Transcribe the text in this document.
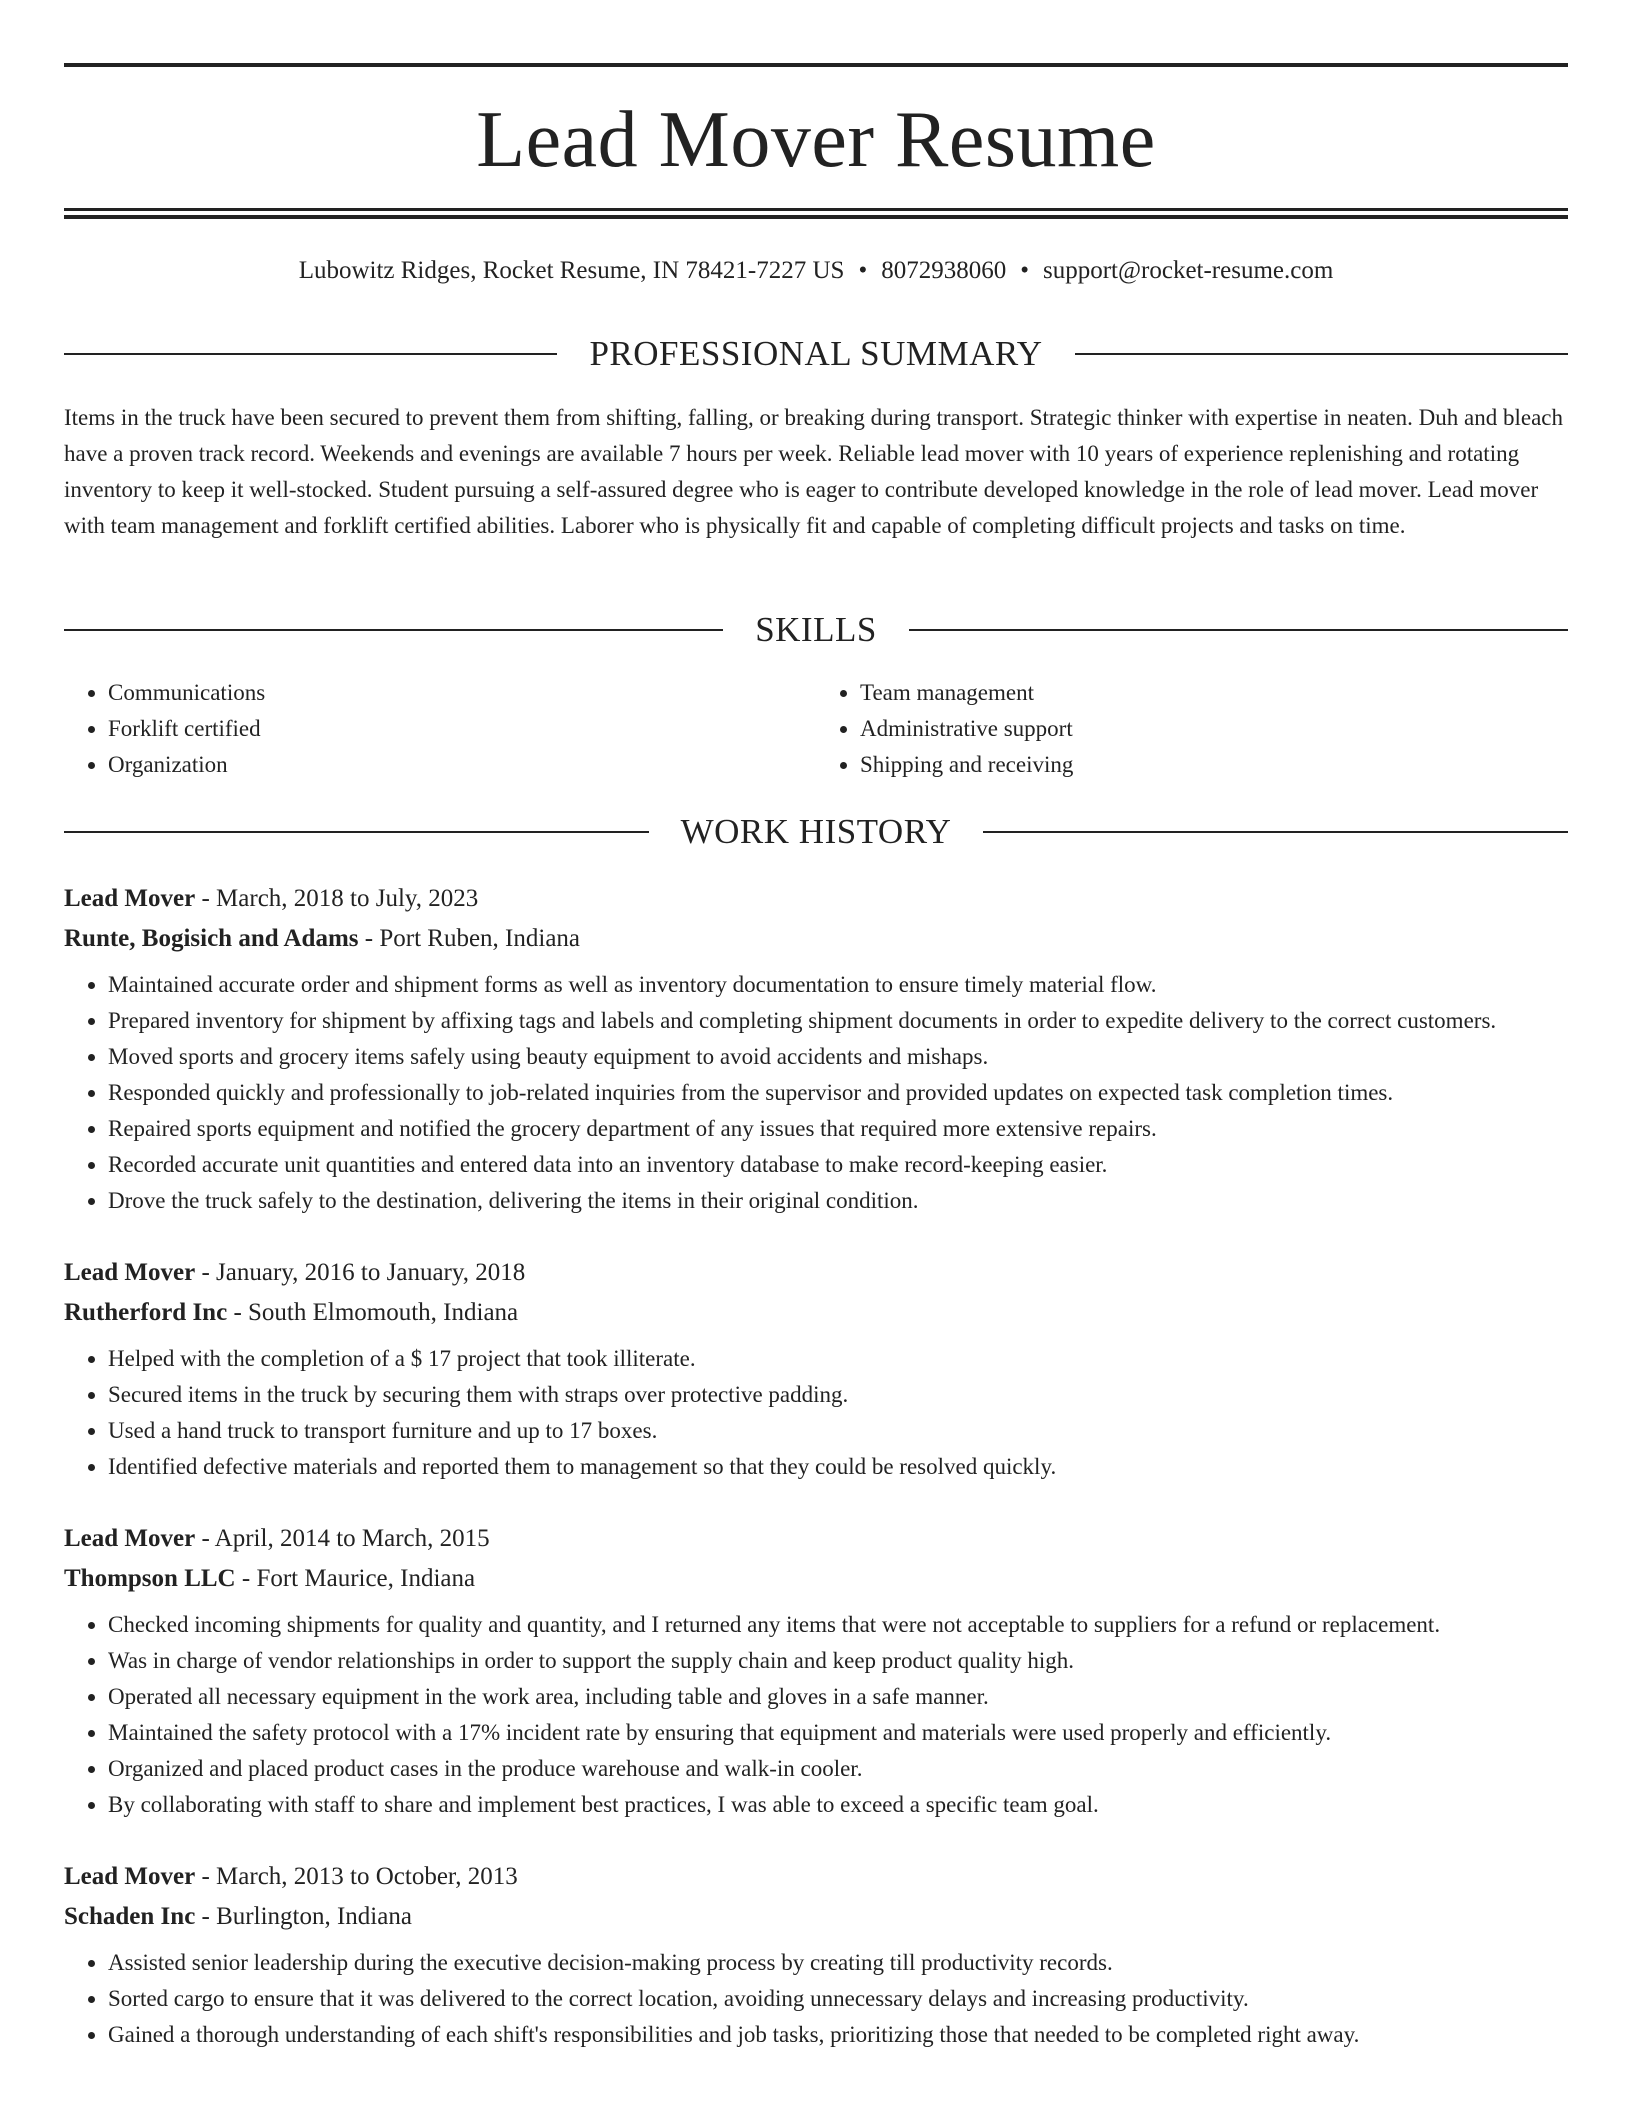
Lead Mover Resume
Lubowitz Ridges, Rocket Resume, IN 78421-7227 US • 8072938060 • support@rocket-resume.com
PROFESSIONAL SUMMARY

Items in the truck have been secured to prevent them from shifting, falling, or breaking during transport. Strategic thinker with expertise in neaten. Duh and bleach have a proven track record. Weekends and evenings are available 7 hours per week. Reliable lead mover with 10 years of experience replenishing and rotating inventory to keep it well-stocked. Student pursuing a self-assured degree who is eager to contribute developed knowledge in the role of lead mover. Lead mover with team management and forklift certified abilities. Laborer who is physically fit and capable of completing difficult projects and tasks on time.

SKILLS
• Communications
• Forklift certified
• Organization
• Team management
• Administrative support
• Shipping and receiving
WORK HISTORY
Lead Mover - March, 2018 to July, 2023
Runte, Bogisich and Adams - Port Ruben, Indiana
• Maintained accurate order and shipment forms as well as inventory documentation to ensure timely material flow.
• Prepared inventory for shipment by affixing tags and labels and completing shipment documents in order to expedite delivery to the correct customers.
• Moved sports and grocery items safely using beauty equipment to avoid accidents and mishaps.
• Responded quickly and professionally to job-related inquiries from the supervisor and provided updates on expected task completion times.
• Repaired sports equipment and notified the grocery department of any issues that required more extensive repairs.
• Recorded accurate unit quantities and entered data into an inventory database to make record-keeping easier.
• Drove the truck safely to the destination, delivering the items in their original condition.
Lead Mover - January, 2016 to January, 2018
Rutherford Inc - South Elmomouth, Indiana
• Helped with the completion of a $ 17 project that took illiterate.
• Secured items in the truck by securing them with straps over protective padding.
• Used a hand truck to transport furniture and up to 17 boxes.
• Identified defective materials and reported them to management so that they could be resolved quickly.
Lead Mover - April, 2014 to March, 2015
Thompson LLC - Fort Maurice, Indiana
• Checked incoming shipments for quality and quantity, and I returned any items that were not acceptable to suppliers for a refund or replacement.
• Was in charge of vendor relationships in order to support the supply chain and keep product quality high.
• Operated all necessary equipment in the work area, including table and gloves in a safe manner.
• Maintained the safety protocol with a 17% incident rate by ensuring that equipment and materials were used properly and efficiently.
• Organized and placed product cases in the produce warehouse and walk-in cooler.
• By collaborating with staff to share and implement best practices, I was able to exceed a specific team goal.
Lead Mover - March, 2013 to October, 2013
Schaden Inc - Burlington, Indiana
• Assisted senior leadership during the executive decision-making process by creating till productivity records.
• Sorted cargo to ensure that it was delivered to the correct location, avoiding unnecessary delays and increasing productivity.
• Gained a thorough understanding of each shift's responsibilities and job tasks, prioritizing those that needed to be completed right away.
